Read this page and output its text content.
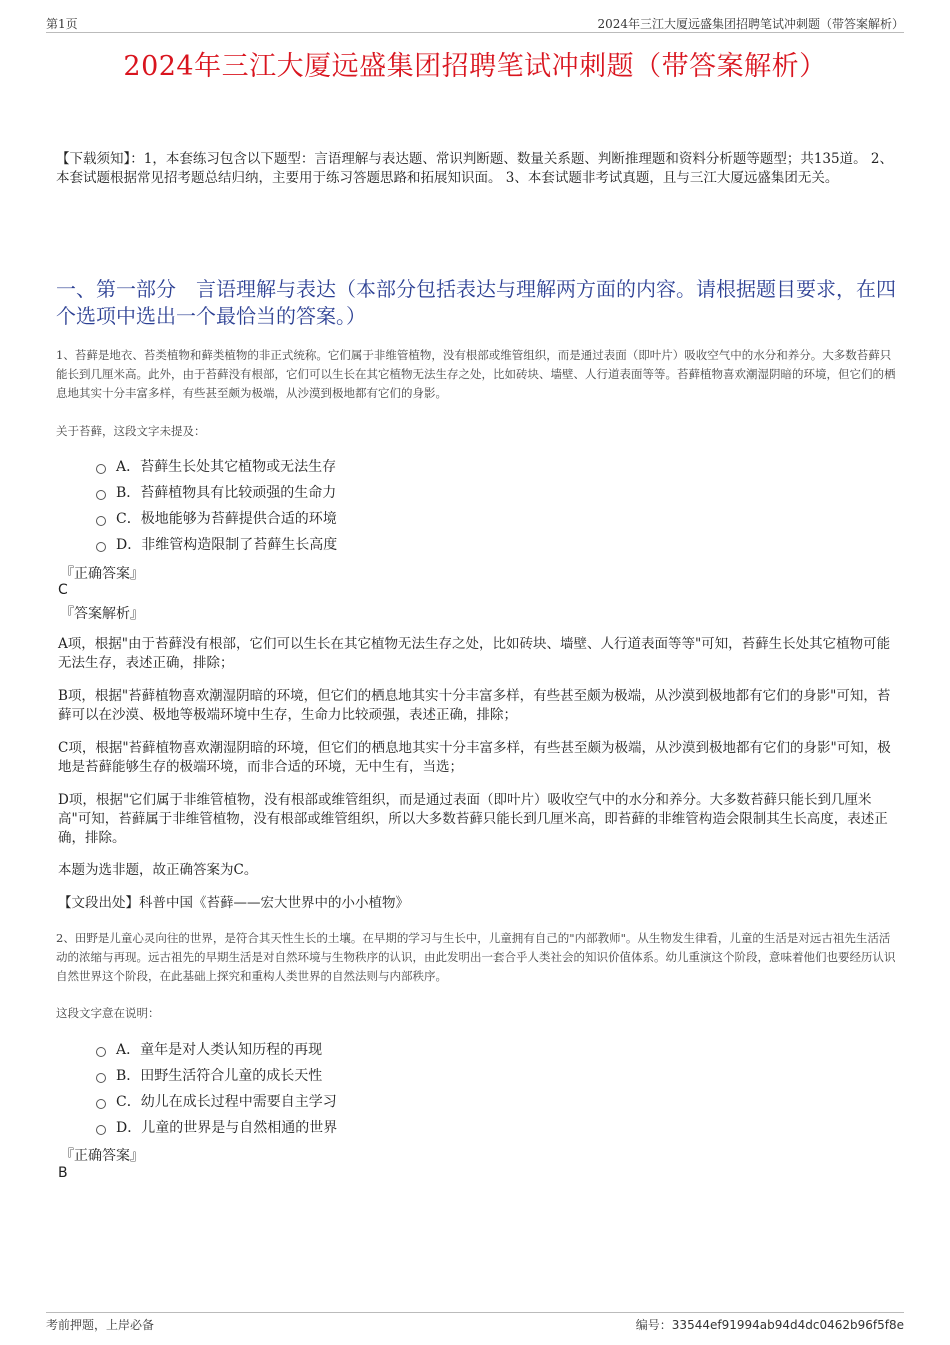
第1页	2024年三江大厦远盛集团招聘笔试冲刺题（带答案解析）
2024年三江大厦远盛集团招聘笔试冲刺题（带答案解析）
【下载须知】：1，本套练习包含以下题型：言语理解与表达题、常识判断题、数量关系题、判断推理题和资料分析题等题型；共135道。 2、本套试题根据常见招考题总结归纳，主要用于练习答题思路和拓展知识面。 3、本套试题非考试真题，且与三江大厦远盛集团无关。
一、第一部分　言语理解与表达（本部分包括表达与理解两方面的内容。请根据题目要求，在四个选项中选出一个最恰当的答案。）
1、苔藓是地衣、苔类植物和藓类植物的非正式统称。它们属于非维管植物，没有根部或维管组织，而是通过表面（即叶片）吸收空气中的水分和养分。大多数苔藓只能长到几厘米高。此外，由于苔藓没有根部，它们可以生长在其它植物无法生存之处，比如砖块、墙壁、人行道表面等等。苔藓植物喜欢潮湿阴暗的环境，但它们的栖息地其实十分丰富多样，有些甚至颇为极端，从沙漠到极地都有它们的身影。
关于苔藓，这段文字未提及：
A．苔藓生长处其它植物或无法生存
B．苔藓植物具有比较顽强的生命力
C．极地能够为苔藓提供合适的环境
D．非维管构造限制了苔藓生长高度
『正确答案』
C
『答案解析』
A项，根据"由于苔藓没有根部，它们可以生长在其它植物无法生存之处，比如砖块、墙壁、人行道表面等等"可知，苔藓生长处其它植物可能无法生存，表述正确，排除；
B项，根据"苔藓植物喜欢潮湿阴暗的环境，但它们的栖息地其实十分丰富多样，有些甚至颇为极端，从沙漠到极地都有它们的身影"可知，苔藓可以在沙漠、极地等极端环境中生存，生命力比较顽强，表述正确，排除；
C项，根据"苔藓植物喜欢潮湿阴暗的环境，但它们的栖息地其实十分丰富多样，有些甚至颇为极端，从沙漠到极地都有它们的身影"可知，极地是苔藓能够生存的极端环境，而非合适的环境，无中生有，当选；
D项，根据"它们属于非维管植物，没有根部或维管组织，而是通过表面（即叶片）吸收空气中的水分和养分。大多数苔藓只能长到几厘米高"可知，苔藓属于非维管植物，没有根部或维管组织，所以大多数苔藓只能长到几厘米高，即苔藓的非维管构造会限制其生长高度，表述正确，排除。
本题为选非题，故正确答案为C。
【文段出处】科普中国《苔藓——宏大世界中的小小植物》
2、田野是儿童心灵向往的世界，是符合其天性生长的土壤。在早期的学习与生长中，儿童拥有自己的"内部教师"。从生物发生律看，儿童的生活是对远古祖先生活活动的浓缩与再现。远古祖先的早期生活是对自然环境与生物秩序的认识，由此发明出一套合乎人类社会的知识价值体系。幼儿重演这个阶段，意味着他们也要经历认识自然世界这个阶段，在此基础上探究和重构人类世界的自然法则与内部秩序。
这段文字意在说明：
A．童年是对人类认知历程的再现
B．田野生活符合儿童的成长天性
C．幼儿在成长过程中需要自主学习
D．儿童的世界是与自然相通的世界
『正确答案』
B
考前押题，上岸必备	编号：33544ef91994ab94d4dc0462b96f5f8e
